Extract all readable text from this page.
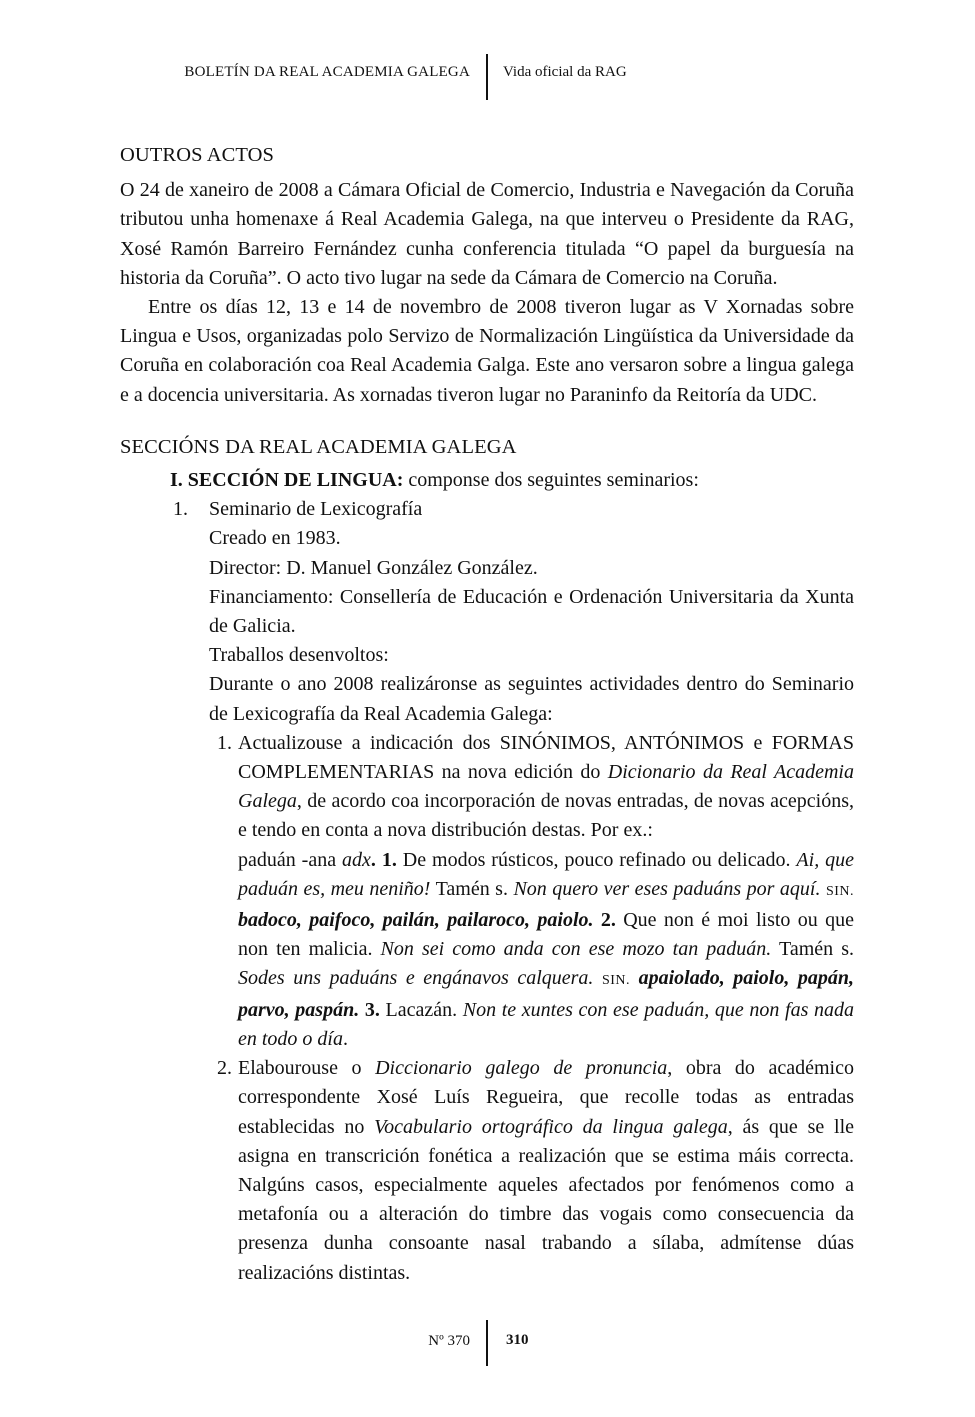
BOLETÍN DA REAL ACADEMIA GALEGA Vida oficial da RAG
OUTROS ACTOS

O 24 de xaneiro de 2008 a Cámara Oficial de Comercio, Industria e Navegación da Coruña tributou unha homenaxe á Real Academia Galega, na que interveu o Presidente da RAG, Xosé Ramón Barreiro Fernández cunha conferencia titulada “O papel da burguesía na historia da Coruña”. O acto tivo lugar na sede da Cámara de Comercio na Coruña.

Entre os días 12, 13 e 14 de novembro de 2008 tiveron lugar as V Xornadas sobre Lingua e Usos, organizadas polo Servizo de Normalización Lingüística da Universidade da Coruña en colaboración coa Real Academia Galga. Este ano versaron sobre a lingua galega e a docencia universitaria. As xornadas tiveron lugar no Paraninfo da Reitoría da UDC.

SECCIÓNS DA REAL ACADEMIA GALEGA

I. SECCIÓN DE LINGUA: componse dos seguintes seminarios:

1. Seminario de Lexicografía

Creado en 1983.

Director: D. Manuel González González.

Financiamento: Consellería de Educación e Ordenación Universitaria da Xunta de Galicia.

Traballos desenvoltos:

Durante o ano 2008 realizáronse as seguintes actividades dentro do Seminario de Lexicografía da Real Academia Galega:

1. Actualizouse a indicación dos SINÓNIMOS, ANTÓNIMOS e FORMAS COMPLEMENTARIAS na nova edición do Dicionario da Real Academia Galega, de acordo coa incorporación de novas entradas, de novas acepcións, e tendo en conta a nova distribución destas. Por ex.:

paduán -ana adx. 1. De modos rústicos, pouco refinado ou delicado. Ai, que paduán es, meu neniño! Tamén s. Non quero ver eses paduáns por aquí. SIN. badoco, paifoco, pailán, pailaroco, paiolo. 2. Que non é moi listo ou que non ten malicia. Non sei como anda con ese mozo tan paduán. Tamén s. Sodes uns paduáns e engánavos calquera. SIN. apaiolado, paiolo, papán, parvo, paspán. 3. Lacazán. Non te xuntes con ese paduán, que non fas nada en todo o día.

2. Elabourouse o Diccionario galego de pronuncia, obra do académico correspondente Xosé Luís Regueira, que recolle todas as entradas establecidas no Vocabulario ortográfico da lingua galega, ás que se lle asigna en transcrición fonética a realización que se estima máis correcta. Nalgúns casos, especialmente aqueles afectados por fenómenos como a metafonía ou a alteración do timbre das vogais como consecuencia da presenza dunha consoante nasal trabando a sílaba, admítense dúas realizacións distintas.

Nº 370 310
